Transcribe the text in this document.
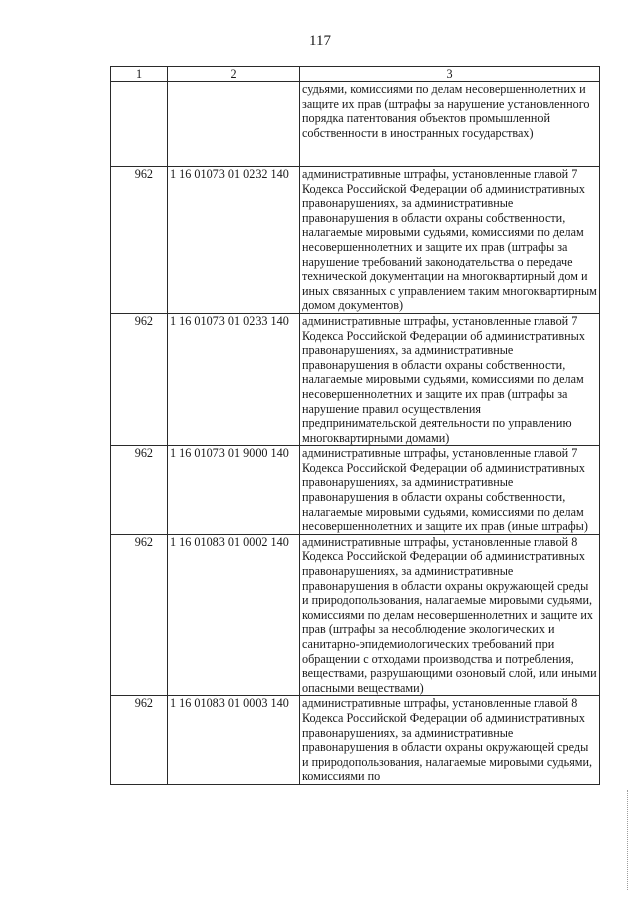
117
1	2	3
		судьями, комиссиями по делам несовершеннолетних и защите их прав (штрафы за нарушение установленного порядка патентования объектов промышленной собственности в иностранных государствах)
962	1 16 01073 01 0232 140	административные штрафы, установленные главой 7 Кодекса Российской Федерации об административных правонарушениях, за административные правонарушения в области охраны собственности, налагаемые мировыми судьями, комиссиями по делам несовершеннолетних и защите их прав (штрафы за нарушение требований законодательства о передаче технической документации на многоквартирный дом и иных связанных с управлением таким многоквартирным домом документов)
962	1 16 01073 01 0233 140	административные штрафы, установленные главой 7 Кодекса Российской Федерации об административных правонарушениях, за административные правонарушения в области охраны собственности, налагаемые мировыми судьями, комиссиями по делам несовершеннолетних и защите их прав (штрафы за нарушение правил осуществления предпринимательской деятельности по управлению многоквартирными домами)
962	1 16 01073 01 9000 140	административные штрафы, установленные главой 7 Кодекса Российской Федерации об административных правонарушениях, за административные правонарушения в области охраны собственности, налагаемые мировыми судьями, комиссиями по делам несовершеннолетних и защите их прав (иные штрафы)
962	1 16 01083 01 0002 140	административные штрафы, установленные главой 8 Кодекса Российской Федерации об административных правонарушениях, за административные правонарушения в области охраны окружающей среды и природопользования, налагаемые мировыми судьями, комиссиями по делам несовершеннолетних и защите их прав (штрафы за несоблюдение экологических и санитарно-эпидемиологических требований при обращении с отходами производства и потребления, веществами, разрушающими озоновый слой, или иными опасными веществами)
962	1 16 01083 01 0003 140	административные штрафы, установленные главой 8 Кодекса Российской Федерации об административных правонарушениях, за административные правонарушения в области охраны окружающей среды и природопользования, налагаемые мировыми судьями, комиссиями по
